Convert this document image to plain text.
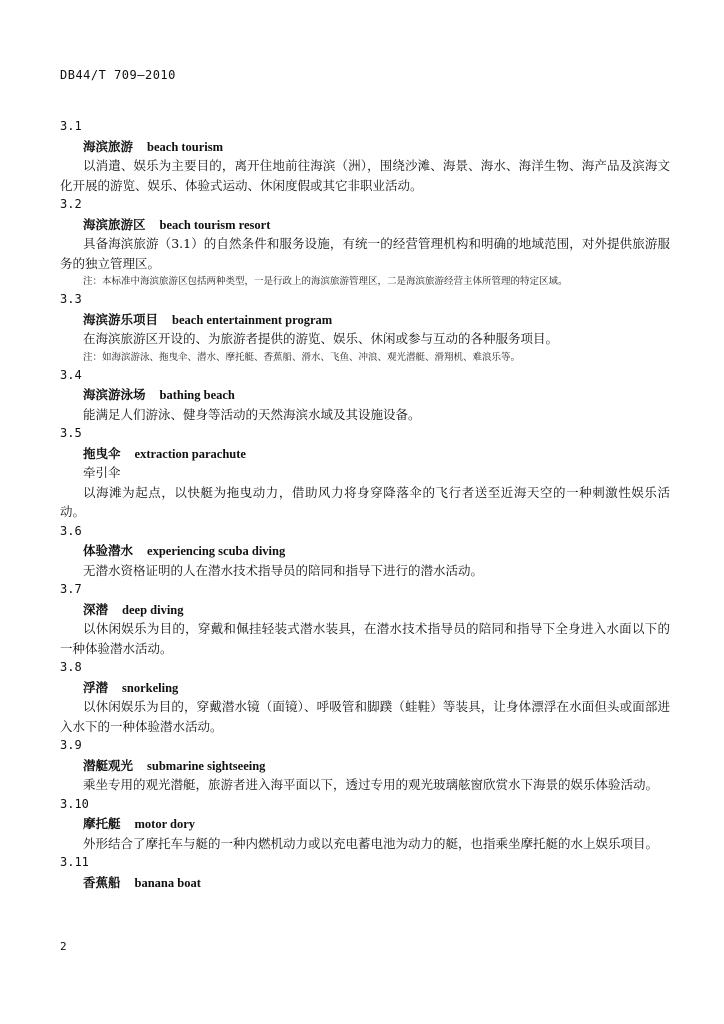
DB44/T 709—2010
3.1
海滨旅游 beach tourism

以消遣、娱乐为主要目的，离开住地前往海滨（洲），围绕沙滩、海景、海水、海洋生物、海产品及滨海文化开展的游览、娱乐、体验式运动、休闲度假或其它非职业活动。

3.2
海滨旅游区 beach tourism resort

具备海滨旅游（3.1）的自然条件和服务设施，有统一的经营管理机构和明确的地域范围，对外提供旅游服务的独立管理区。

注：本标准中海滨旅游区包括两种类型，一是行政上的海滨旅游管理区，二是海滨旅游经营主体所管理的特定区域。
3.3
海滨游乐项目 beach entertainment program

在海滨旅游区开设的、为旅游者提供的游览、娱乐、休闲或参与互动的各种服务项目。

注：如海滨游泳、拖曳伞、潜水、摩托艇、香蕉船、滑水、飞鱼、冲浪、观光潜艇、滑翔机、难浪乐等。
3.4
海滨游泳场 bathing beach

能满足人们游泳、健身等活动的天然海滨水域及其设施设备。

3.5
拖曳伞 extraction parachute
牵引伞

以海滩为起点，以快艇为拖曳动力，借助风力将身穿降落伞的飞行者送至近海天空的一种刺激性娱乐活动。

3.6
体验潜水 experiencing scuba diving

无潜水资格证明的人在潜水技术指导员的陪同和指导下进行的潜水活动。

3.7
深潜 deep diving

以休闲娱乐为目的，穿戴和佩挂轻装式潜水装具，在潜水技术指导员的陪同和指导下全身进入水面以下的一种体验潜水活动。

3.8
浮潜 snorkeling

以休闲娱乐为目的，穿戴潜水镜（面镜）、呼吸管和脚蹼（蛙鞋）等装具，让身体漂浮在水面但头或面部进入水下的一种体验潜水活动。

3.9
潜艇观光 submarine sightseeing

乘坐专用的观光潜艇，旅游者进入海平面以下，透过专用的观光玻璃舷窗欣赏水下海景的娱乐体验活动。

3.10
摩托艇 motor dory

外形结合了摩托车与艇的一种内燃机动力或以充电蓄电池为动力的艇，也指乘坐摩托艇的水上娱乐项目。

3.11
香蕉船 banana boat
2
